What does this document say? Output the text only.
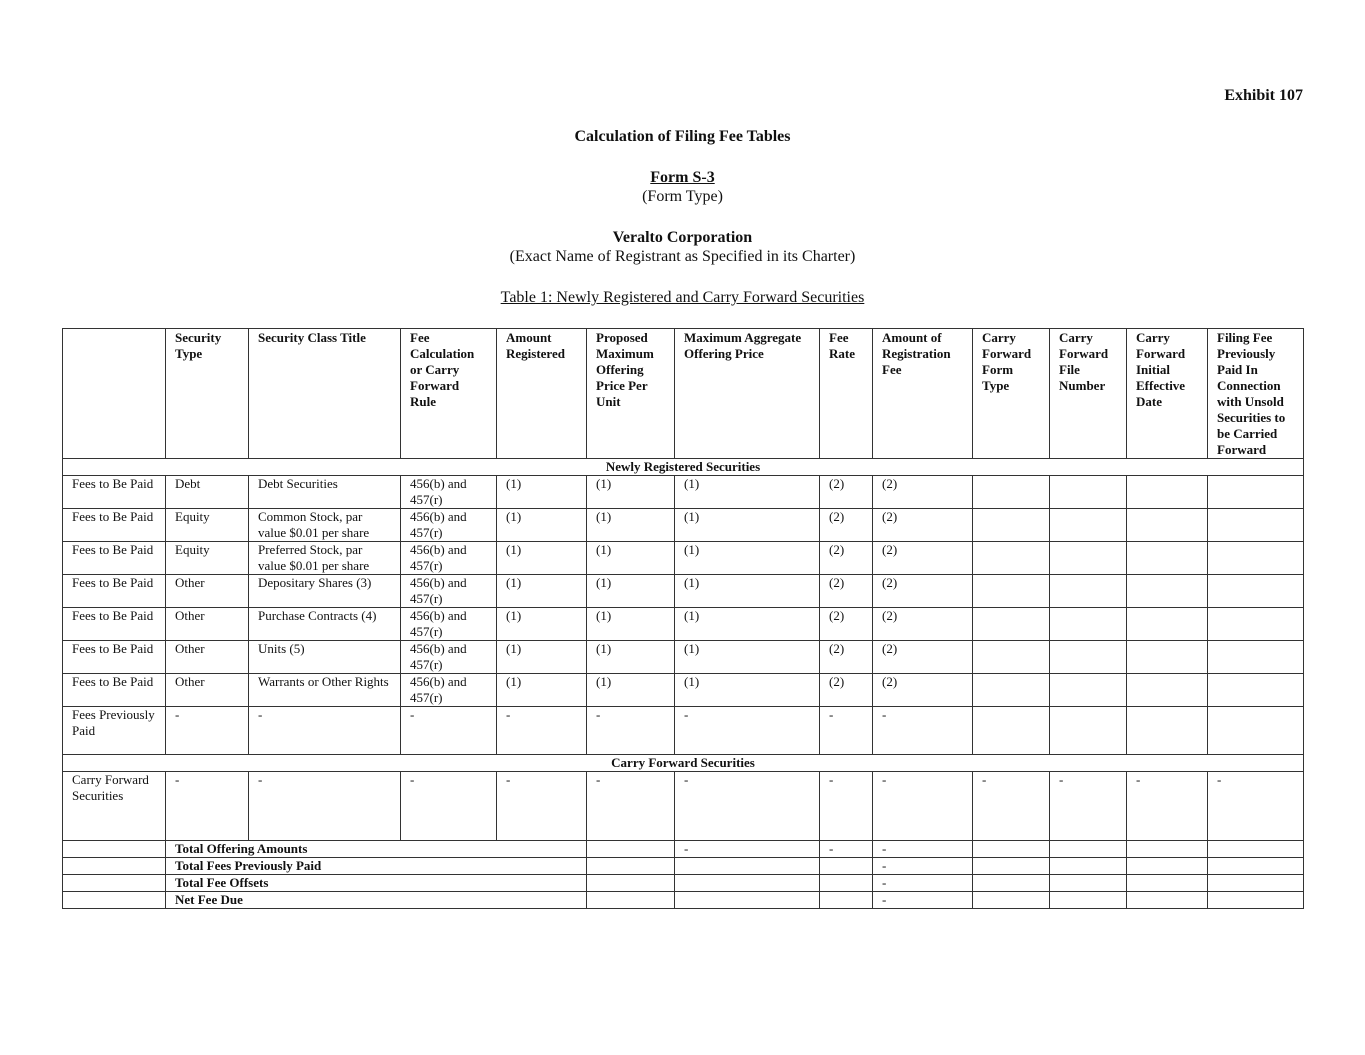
Exhibit 107
Calculation of Filing Fee Tables
Form S-3
(Form Type)
Veralto Corporation
(Exact Name of Registrant as Specified in its Charter)
Table 1: Newly Registered and Carry Forward Securities
	Security Type	Security Class Title	Fee Calculation or Carry Forward Rule	Amount Registered	Proposed Maximum Offering Price Per Unit	Maximum Aggregate Offering Price	Fee Rate	Amount of Registration Fee	Carry Forward Form Type	Carry Forward File Number	Carry Forward Initial Effective Date	Filing Fee Previously Paid In Connection with Unsold Securities to be Carried Forward
Newly Registered Securities												
Fees to Be Paid	Debt	Debt Securities	456(b) and 457(r)	(1)	(1)	(1)	(2)	(2)				
Fees to Be Paid	Equity	Common Stock, par value $0.01 per share	456(b) and 457(r)	(1)	(1)	(1)	(2)	(2)				
Fees to Be Paid	Equity	Preferred Stock, par value $0.01 per share	456(b) and 457(r)	(1)	(1)	(1)	(2)	(2)				
Fees to Be Paid	Other	Depositary Shares (3)	456(b) and 457(r)	(1)	(1)	(1)	(2)	(2)				
Fees to Be Paid	Other	Purchase Contracts (4)	456(b) and 457(r)	(1)	(1)	(1)	(2)	(2)				
Fees to Be Paid	Other	Units (5)	456(b) and 457(r)	(1)	(1)	(1)	(2)	(2)				
Fees to Be Paid	Other	Warrants or Other Rights	456(b) and 457(r)	(1)	(1)	(1)	(2)	(2)				
Fees Previously Paid	-	-	-	-	-	-	-	-				
Carry Forward Securities												
Carry Forward Securities	-	-	-	-	-	-	-	-	-	-	-	-
	Total Offering Amounts					-	-	-				
	Total Fees Previously Paid							-				
	Total Fee Offsets							-				
	Net Fee Due							-				
